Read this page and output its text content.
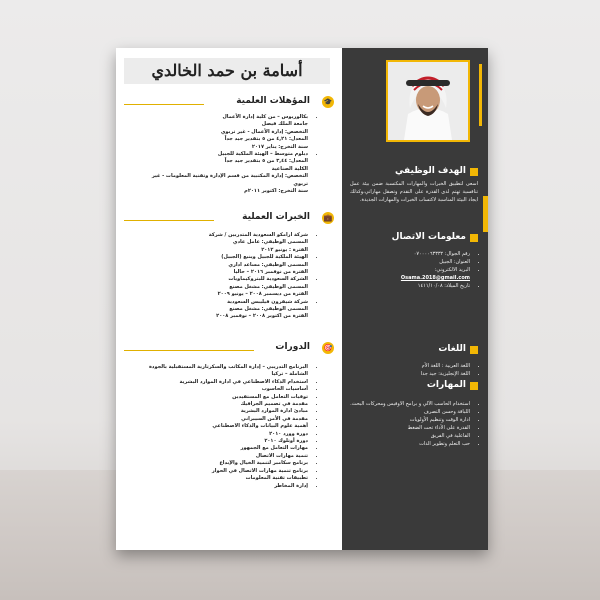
الهدف الوظيفي
اسعى لتطبيق الخبرات والمهارات المكتسبة ضمن بيئة عمل تنافسية تهتم لدى القدرة على التقدم وتصقل مهاراتي،وكذلك ايجاد البيئة المناسبة لاكتساب الخبرات والمهارات الجديدة.
معلومات الاتصال
• رقم الجوال: ٠٧٠٠٠٠٦٣٣٣٢
• العنوان: الجبيل
• البريد الالكتروني:
Osama.2018@gmail.com
• تاريخ الميلاد: ١٤١١/١٠/٠٨
اللغات
• اللغة العربية : اللغة الأم
• اللغة الإنجليزية: جيد جدا
المهارات
• استخدام الحاسب الآلي و برامج الاوفيس ومحركات البحث.
• اللباقة وحسن التصرف
• ادارة الوقت وتنظيم الأولويات
• القدرة على الأداء تحت الضغط
• الفاعلية في الفريق
• حب التعلم وتطوير الذات
أسامة بن حمد الخالدي
🎓
المؤهلات العلمية
• بكالوريوس – من كلية إدارة الأعمال
جامعة الملك فيصل
التخصص: إدارة الأعمال - غير تربوي
المعدل: ٤,٢١ من ٥ بتقدير جيد جداً
سنة التخرج: يناير ٢٠١٧
• دبلوم متوسط – الهيئة الملكية للجبيل
المعدل: ٣,٤٤ من ٥ بتقدير جيد جداً
الكلية الصناعية
التخصص: إدارة المكتبية من قسم الإدارة وتقنية المعلومات - غير تربوي
سنة التخرج: اكتوبر ٢٠١١م
💼
الخبرات العملية
• شركة ارامكو السعودية المتدربين / شركة
المسمى الوظيفي: عامل عادي
الفترة : يونيو ٢٠١٢
• الهيئة الملكية للجبيل وينبع (الجبيل)
المسمى الوظيفي: مساعد اداري
الفترة من نوفمبر ٢٠١٦ – حاليا
• الشركة السعودية للبتروكيماويات
المسمى الوظيفي: مشغل مصنع
الفترة من ديسمبر ٢٠٠٨ – يونيو ٢٠٠٩
• شركة شيفرون فيليبس السعودية
المسمى الوظيفي: مشغل مصنع
الفترة من اكتوبر ٢٠٠٨ – نوفمبر ٢٠٠٨
🎯
الدورات
• البرنامج التدريبي – إدارة المكاتب والسكرتارية المستقبلية بالجودة الشاملة – تركيا
• استخدام الذكاء الاصطناعي في ادارة الموارد البشرية
• أساسيات الحاسوب
• توقيات التعامل مع المستفيدين
• مقدمة في تصميم الجرافيك
• مبادئ ادارة الموارد البشرية
• مقدمة في الأمن السيبراني
• أهمية علوم البيانات والذكاء الاصطناعي
• دورة وورد ٢٠١٠
• دورة أوتلوك ٢٠١٠
• مهارات التعامل مع الجمهور
• تنمية مهارات الاتصال
• برنامج سكامبر لتنمية الخيال والإبداع
• برنامج تنمية مهارات الاتصال في الحوار
• تطبيقات تقنية المعلومات
• إدارة المخاطر
